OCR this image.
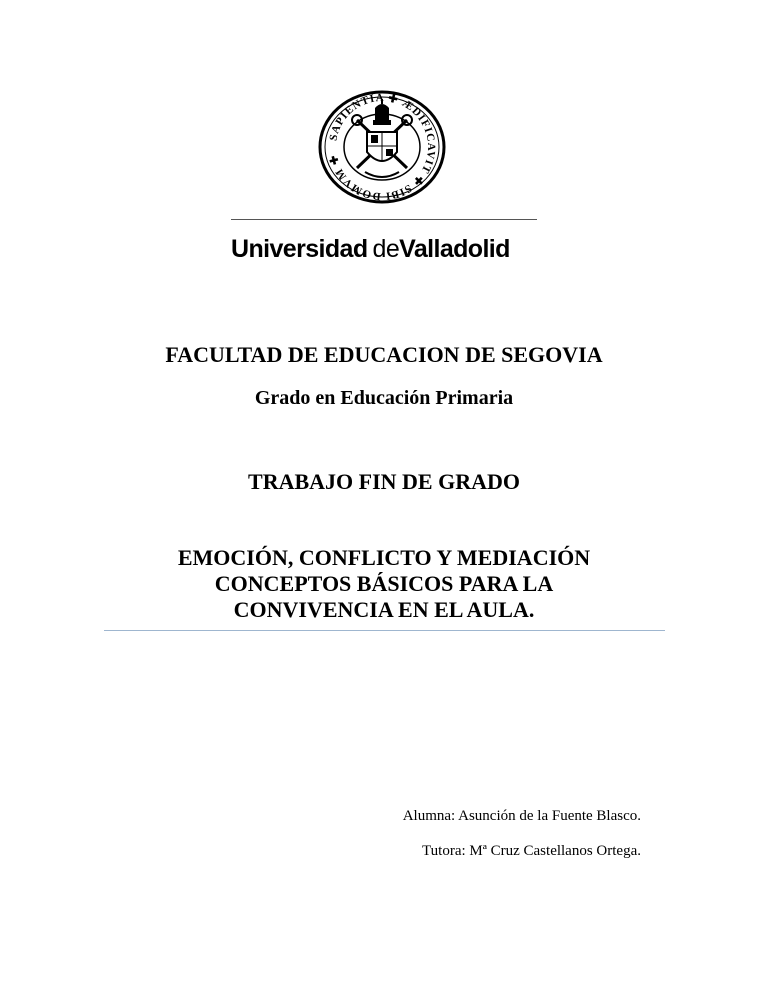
SAPIENTIA ✚ ÆDIFICAVIT ✚ SIBI DOMVM ✚
Universidad deValladolid
FACULTAD DE EDUCACION DE SEGOVIA
Grado en Educación Primaria
TRABAJO FIN DE GRADO
EMOCIÓN, CONFLICTO Y MEDIACIÓN
CONCEPTOS BÁSICOS PARA LA
CONVIVENCIA EN EL AULA.
Alumna: Asunción de la Fuente Blasco.
Tutora: Mª Cruz Castellanos Ortega.
